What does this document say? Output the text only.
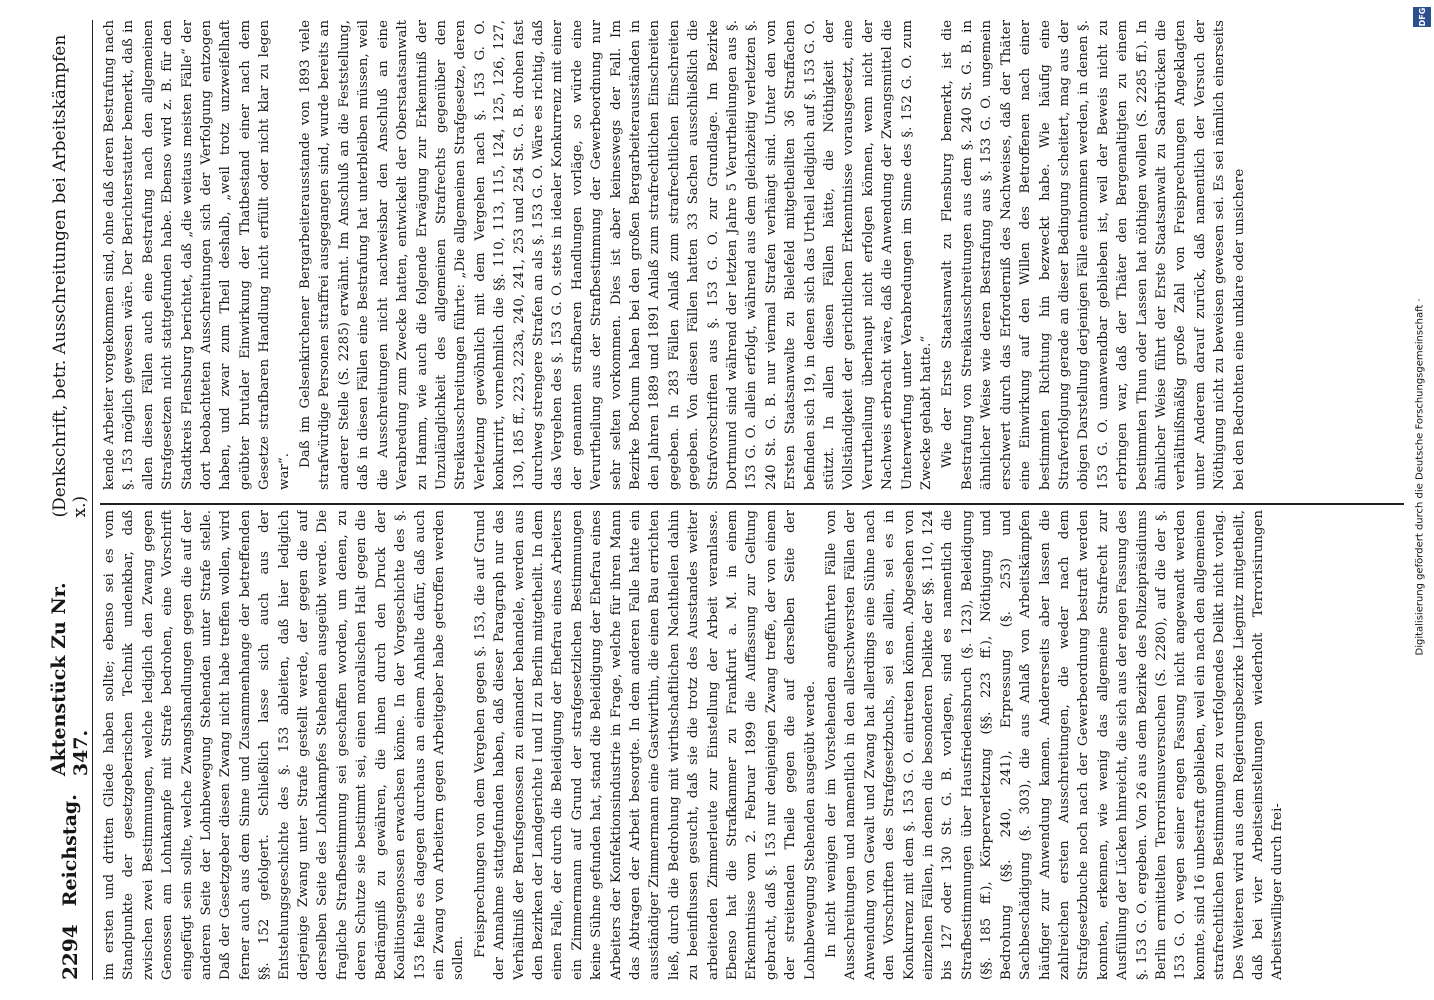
2294
Reichstag.
Aktenstück Zu Nr. 347.
(Denkschrift, betr. Ausschreitungen bei Arbeitskämpfen x.)

im ersten und dritten Gliede haben sollte; ebenso sei es vom Standpunkte der gesetzgeberischen Technik undenkbar, daß zwischen zwei Bestimmungen, welche lediglich den Zwang gegen Genossen am Lohnkampfe mit Strafe bedrohen, eine Vorschrift eingefügt sein sollte, welche Zwangshandlungen gegen die auf der anderen Seite der Lohnbewegung Stehenden unter Strafe stelle. Daß der Gesetzgeber diesen Zwang nicht habe treffen wollen, wird ferner auch aus dem Sinne und Zusammenhange der betreffenden §§. 152 gefolgert. Schließlich lasse sich auch aus der Entstehungsgeschichte des §. 153 ableiten, daß hier lediglich derjenige Zwang unter Strafe gestellt werde, der gegen die auf derselben Seite des Lohnkampfes Stehenden ausgeübt werde. Die fragliche Strafbestimmung sei geschaffen worden, um denen, zu deren Schutze sie bestimmt sei, einen moralischen Halt gegen die Bedrängniß zu gewähren, die ihnen durch den Druck der Koalitionsgenossen erwachsen könne. In der Vorgeschichte des §. 153 fehle es dagegen durchaus an einem Anhalte dafür, daß auch ein Zwang von Arbeitern gegen Arbeitgeber habe getroffen werden sollen. Freisprechungen von dem Vergehen gegen §. 153, die auf Grund der Annahme stattgefunden haben, daß dieser Paragraph nur das Verhältniß der Berufsgenossen zu einander behandele, werden aus den Bezirken der Landgerichte I und II zu Berlin mitgetheilt. In dem einen Falle, der durch die Beleidigung der Ehefrau eines Arbeiters ein Zimmermann auf Grund der strafgesetzlichen Bestimmungen keine Sühne gefunden hat, stand die Beleidigung der Ehefrau eines Arbeiters der Konfektionsindustrie in Frage, welche für ihren Mann das Abtragen der Arbeit besorgte. In dem anderen Falle hatte ein ausständiger Zimmermann eine Gastwirthin, die einen Bau errichten ließ, durch die Bedrohung mit wirthschaftlichen Nachtheilen dahin zu beeinflussen gesucht, daß sie die trotz des Ausstandes weiter arbeitenden Zimmerleute zur Einstellung der Arbeit veranlasse. Ebenso hat die Strafkammer zu Frankfurt a. M. in einem Erkenntnisse vom 2. Februar 1899 die Auffassung zur Geltung gebracht, daß §. 153 nur denjenigen Zwang treffe, der von einem der streitenden Theile gegen die auf derselben Seite der Lohnbewegung Stehenden ausgeübt werde. In nicht wenigen der im Vorstehenden angeführten Fälle von Ausschreitungen und namentlich in den allerschwersten Fällen der Anwendung von Gewalt und Zwang hat allerdings eine Sühne nach den Vorschriften des Strafgesetzbuchs, sei es allein, sei es in Konkurrenz mit dem §. 153 G. O. eintreten können. Abgesehen von einzelnen Fällen, in denen die besonderen Delikte der §§. 110, 124 bis 127 oder 130 St. G. B. vorlagen, sind es namentlich die Strafbestimmungen über Hausfriedensbruch (§. 123), Beleidigung (§§. 185 ff.), Körperverletzung (§§. 223 ff.), Nöthigung und Bedrohung (§§. 240, 241), Erpressung (§. 253) und Sachbeschädigung (§. 303), die aus Anlaß von Arbeitskämpfen häufiger zur Anwendung kamen. Andererseits aber lassen die zahlreichen ersten Ausschreitungen, die weder nach dem Strafgesetzbuche noch nach der Gewerbeordnung bestraft werden konnten, erkennen, wie wenig das allgemeine Strafrecht zur Ausfüllung der Lücken hinreicht, die sich aus der engen Fassung des §. 153 G. O. ergeben. Von 26 aus dem Bezirke des Polizeipräsidiums Berlin ermittelten Terrorismusversuchen (S. 2280), auf die der §. 153 G. O. wegen seiner engen Fassung nicht angewandt werden konnte, sind 16 unbestraft geblieben, weil ein nach den allgemeinen strafrechtlichen Bestimmungen zu verfolgendes Delikt nicht vorlag. Des Weiteren wird aus dem Regierungsbezirke Liegnitz mitgetheilt, daß bei vier Arbeitseinstellungen wiederholt Terrorisirungen Arbeitswilliger durch frei-

kende Arbeiter vorgekommen sind, ohne daß deren Bestrafung nach §. 153 möglich gewesen wäre. Der Berichterstatter bemerkt, daß in allen diesen Fällen auch eine Bestrafung nach den allgemeinen Strafgesetzen nicht stattgefunden habe. Ebenso wird z. B. für den Stadtkreis Flensburg berichtet, daß „die weitaus meisten Fälle“ der dort beobachteten Ausschreitungen sich der Verfolgung entzogen haben, und zwar zum Theil deshalb, „weil trotz unzweifelhaft geübter brutaler Einwirkung der Thatbestand einer nach dem Gesetze strafbaren Handlung nicht erfüllt oder nicht klar zu legen war“.

Daß im Gelsenkirchener Bergarbeiterausstande von 1893 viele strafwürdige Personen straffrei ausgegangen sind, wurde bereits an anderer Stelle (S. 2285) erwähnt. Im Anschluß an die Feststellung, daß in diesen Fällen eine Bestrafung hat unterbleiben müssen, weil die Ausschreitungen nicht nachweisbar den Anschluß an eine Verabredung zum Zwecke hatten, entwickelt der Oberstaatsanwalt zu Hamm, wie auch die folgende Erwägung zur Erkenntniß der Unzulänglichkeit des allgemeinen Strafrechts gegenüber den Streikausschreitungen führte: „Die allgemeinen Strafgesetze, deren Verletzung gewöhnlich mit dem Vergehen nach §. 153 G. O. konkurrirt, vornehmlich die §§. 110, 113, 115, 124, 125, 126, 127, 130, 185 ff., 223, 223a, 240, 241, 253 und 254 St. G. B. drohen fast durchweg strengere Strafen an als §. 153 G. O. Wäre es richtig, daß das Vergehen des §. 153 G. O. stets in idealer Konkurrenz mit einer der genannten strafbaren Handlungen vorläge, so würde eine Verurtheilung aus der Strafbestimmung der Gewerbeordnung nur sehr selten vorkommen. Dies ist aber keineswegs der Fall. Im Bezirke Bochum haben bei den großen Bergarbeiterausständen in den Jahren 1889 und 1891 Anlaß zum strafrechtlichen Einschreiten gegeben. In 283 Fällen Anlaß zum strafrechtlichen Einschreiten gegeben. Von diesen Fällen hatten 33 Sachen ausschließlich die Strafvorschriften aus §. 153 G. O. zur Grundlage. Im Bezirke Dortmund sind während der letzten Jahre 5 Verurtheilungen aus §. 153 G. O. allein erfolgt, während aus dem gleichzeitig verletzten §. 240 St. G. B. nur viermal Strafen verhängt sind. Unter den von Ersten Staatsanwalte zu Bielefeld mitgetheilten 36 Straffachen befinden sich 19, in denen sich das Urtheil lediglich auf §. 153 G. O. stützt. In allen diesen Fällen hätte, die Nöthigkeit der Vollständigkeit der gerichtlichen Erkenntnisse vorausgesetzt, eine Verurtheilung überhaupt nicht erfolgen können, wenn nicht der Nachweis erbracht wäre, daß die Anwendung der Zwangsmittel die Unterwerfung unter Verabredungen im Sinne des §. 152 G. O. zum Zwecke gehabt hatte.“ Wie der Erste Staatsanwalt zu Flensburg bemerkt, ist die Bestrafung von Streikausschreitungen aus dem §. 240 St. G. B. in ähnlicher Weise wie deren Bestrafung aus §. 153 G. O. ungemein erschwert durch das Erforderniß des Nachweises, daß der Thäter eine Einwirkung auf den Willen des Betroffenen nach einer bestimmten Richtung hin bezweckt habe. Wie häufig eine Strafverfolgung gerade an dieser Bedingung scheitert, mag aus der obigen Darstellung derjenigen Fälle entnommen werden, in denen §. 153 G. O. unanwendbar geblieben ist, weil der Beweis nicht zu erbringen war, daß der Thäter den Bergemaltigten zu einem bestimmten Thun oder Lassen hat nöthigen wollen (S. 2285 ff.). In ähnlicher Weise führt der Erste Staatsanwalt zu Saarbrücken die verhältnißmäßig große Zahl von Freisprechungen Angeklagten unter Anderem darauf zurück, daß namentlich der Versuch der Nöthigung nicht zu beweisen gewesen sei. Es sei nämlich einerseits bei den Bedrohten eine unklare oder unsichere

DFG
Digitalisierung gefördert durch die Deutsche Forschungsgemeinschaft ·
